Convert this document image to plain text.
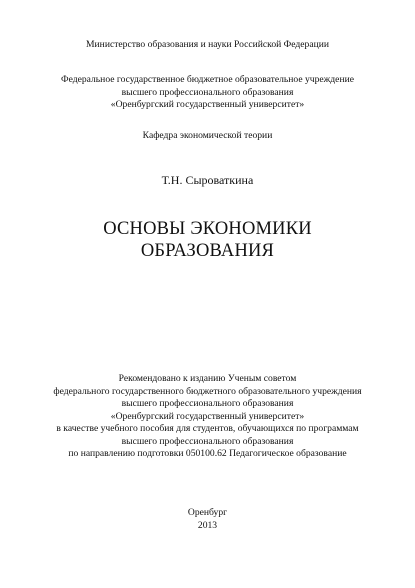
Министерство образования и науки Российской Федерации

Федеральное государственное бюджетное образовательное учреждение
высшего профессионального образования
«Оренбургский государственный университет»

Кафедра экономической теории

Т.Н. Сыроваткина

ОСНОВЫ ЭКОНОМИКИ
ОБРАЗОВАНИЯ

Рекомендовано к изданию Ученым советом
федерального государственного бюджетного образовательного учреждения
высшего профессионального образования
«Оренбургский государственный университет»
в качестве учебного пособия для студентов, обучающихся по программам
высшего профессионального образования
по направлению подготовки 050100.62 Педагогическое образование

Оренбург
2013
